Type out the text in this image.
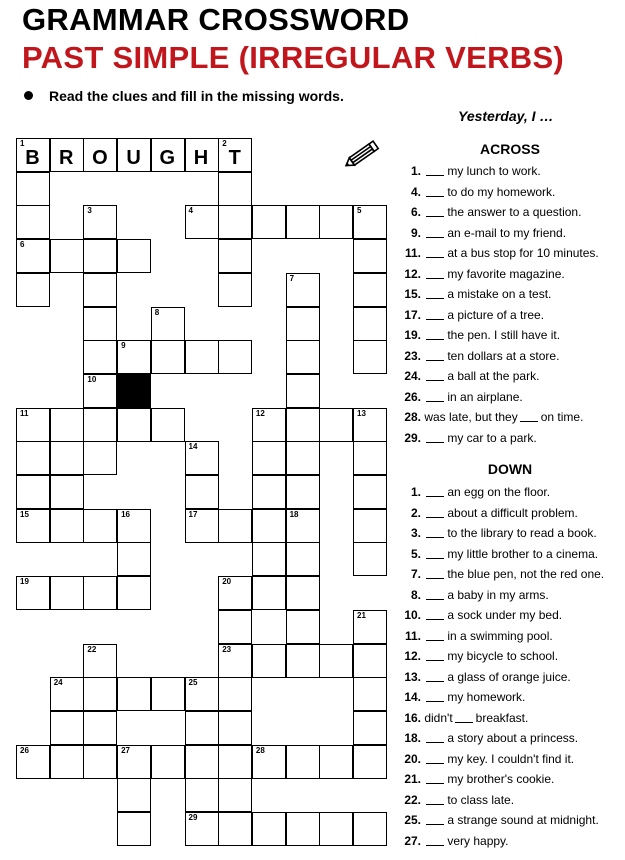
GRAMMAR CROSSWORD
PAST SIMPLE (IRREGULAR VERBS)
Read the clues and fill in the missing words.
Yesterday, I …
1
B R O U G H
2
T
6
4	5
3
10
7
18
8
9
11	12	13
14
17
15	16
19	20
23
21
22
24	25
29
26	27	28
ACROSS
1. my lunch to work.
4. to do my homework.
6. the answer to a question.
9. an e-mail to my friend.
11. at a bus stop for 10 minutes.
12. my favorite magazine.
15. a mistake on a test.
17. a picture of a tree.
19. the pen. I still have it.
23. ten dollars at a store.
24. a ball at the park.
26. in an airplane.
28. was late, but they on time.
29. my car to a park.
DOWN
1. an egg on the floor.
2. about a difficult problem.
3. to the library to read a book.
5. my little brother to a cinema.
7. the blue pen, not the red one.
8. a baby in my arms.
10. a sock under my bed.
11. in a swimming pool.
12. my bicycle to school.
13. a glass of orange juice.
14. my homework.
16. didn't breakfast.
18. a story about a princess.
20. my key. I couldn't find it.
21. my brother's cookie.
22. to class late.
25. a strange sound at midnight.
27. very happy.
